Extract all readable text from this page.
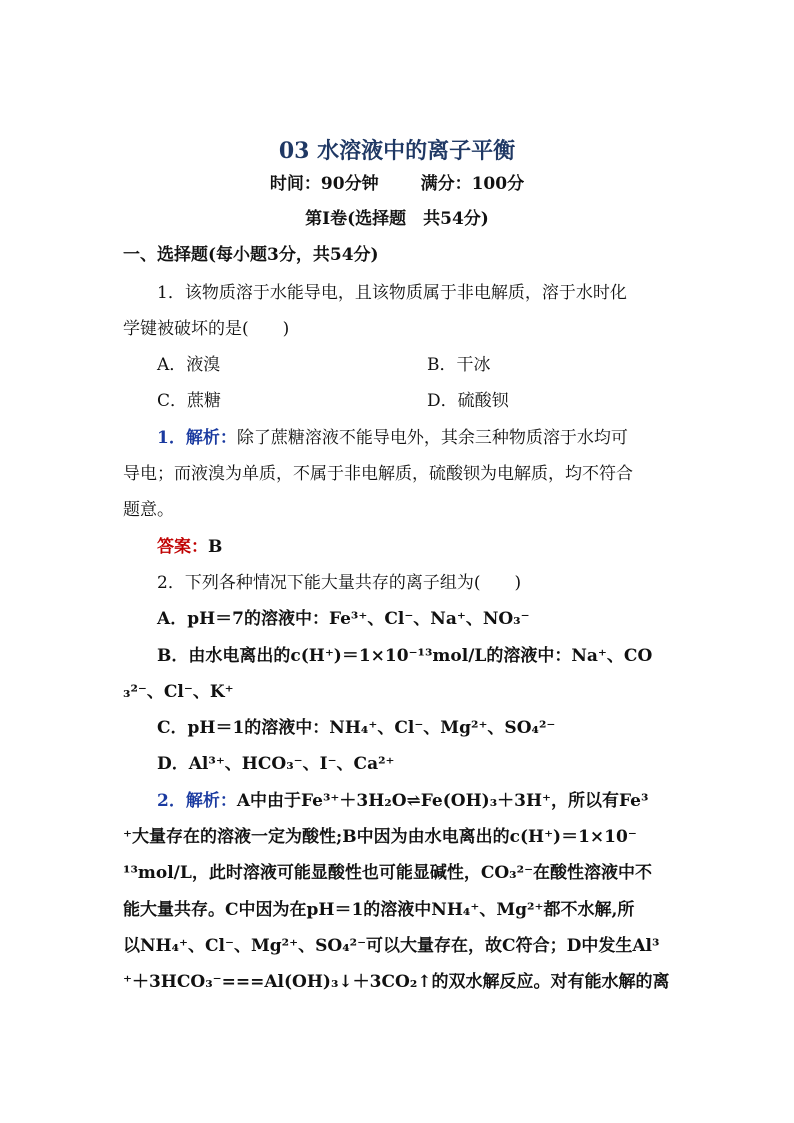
03 水溶液中的离子平衡
时间：90分钟 满分：100分
第Ⅰ卷(选择题　共54分)
一、选择题(每小题3分，共54分)
1．该物质溶于水能导电，且该物质属于非电解质，溶于水时化
学键被破坏的是(　　)
A．液溴	B．干冰
C．蔗糖	D．硫酸钡
1．解析：除了蔗糖溶液不能导电外，其余三种物质溶于水均可
导电；而液溴为单质，不属于非电解质，硫酸钡为电解质，均不符合
题意。
答案：B
2．下列各种情况下能大量共存的离子组为(　　)
A．pH＝7的溶液中：Fe³⁺、Cl⁻、Na⁺、NO₃⁻
B．由水电离出的c(H⁺)＝1×10⁻¹³mol/L的溶液中：Na⁺、CO
₃²⁻、Cl⁻、K⁺
C．pH＝1的溶液中：NH₄⁺、Cl⁻、Mg²⁺、SO₄²⁻
D．Al³⁺、HCO₃⁻、I⁻、Ca²⁺
2．解析：A中由于Fe³⁺＋3H₂O⇌Fe(OH)₃＋3H⁺，所以有Fe³
⁺大量存在的溶液一定为酸性;B中因为由水电离出的c(H⁺)＝1×10⁻
¹³mol/L，此时溶液可能显酸性也可能显碱性，CO₃²⁻在酸性溶液中不
能大量共存。C中因为在pH＝1的溶液中NH₄⁺、Mg²⁺都不水解,所
以NH₄⁺、Cl⁻、Mg²⁺、SO₄²⁻可以大量存在，故C符合；D中发生Al³
⁺＋3HCO₃⁻===Al(OH)₃↓＋3CO₂↑的双水解反应。对有能水解的离
